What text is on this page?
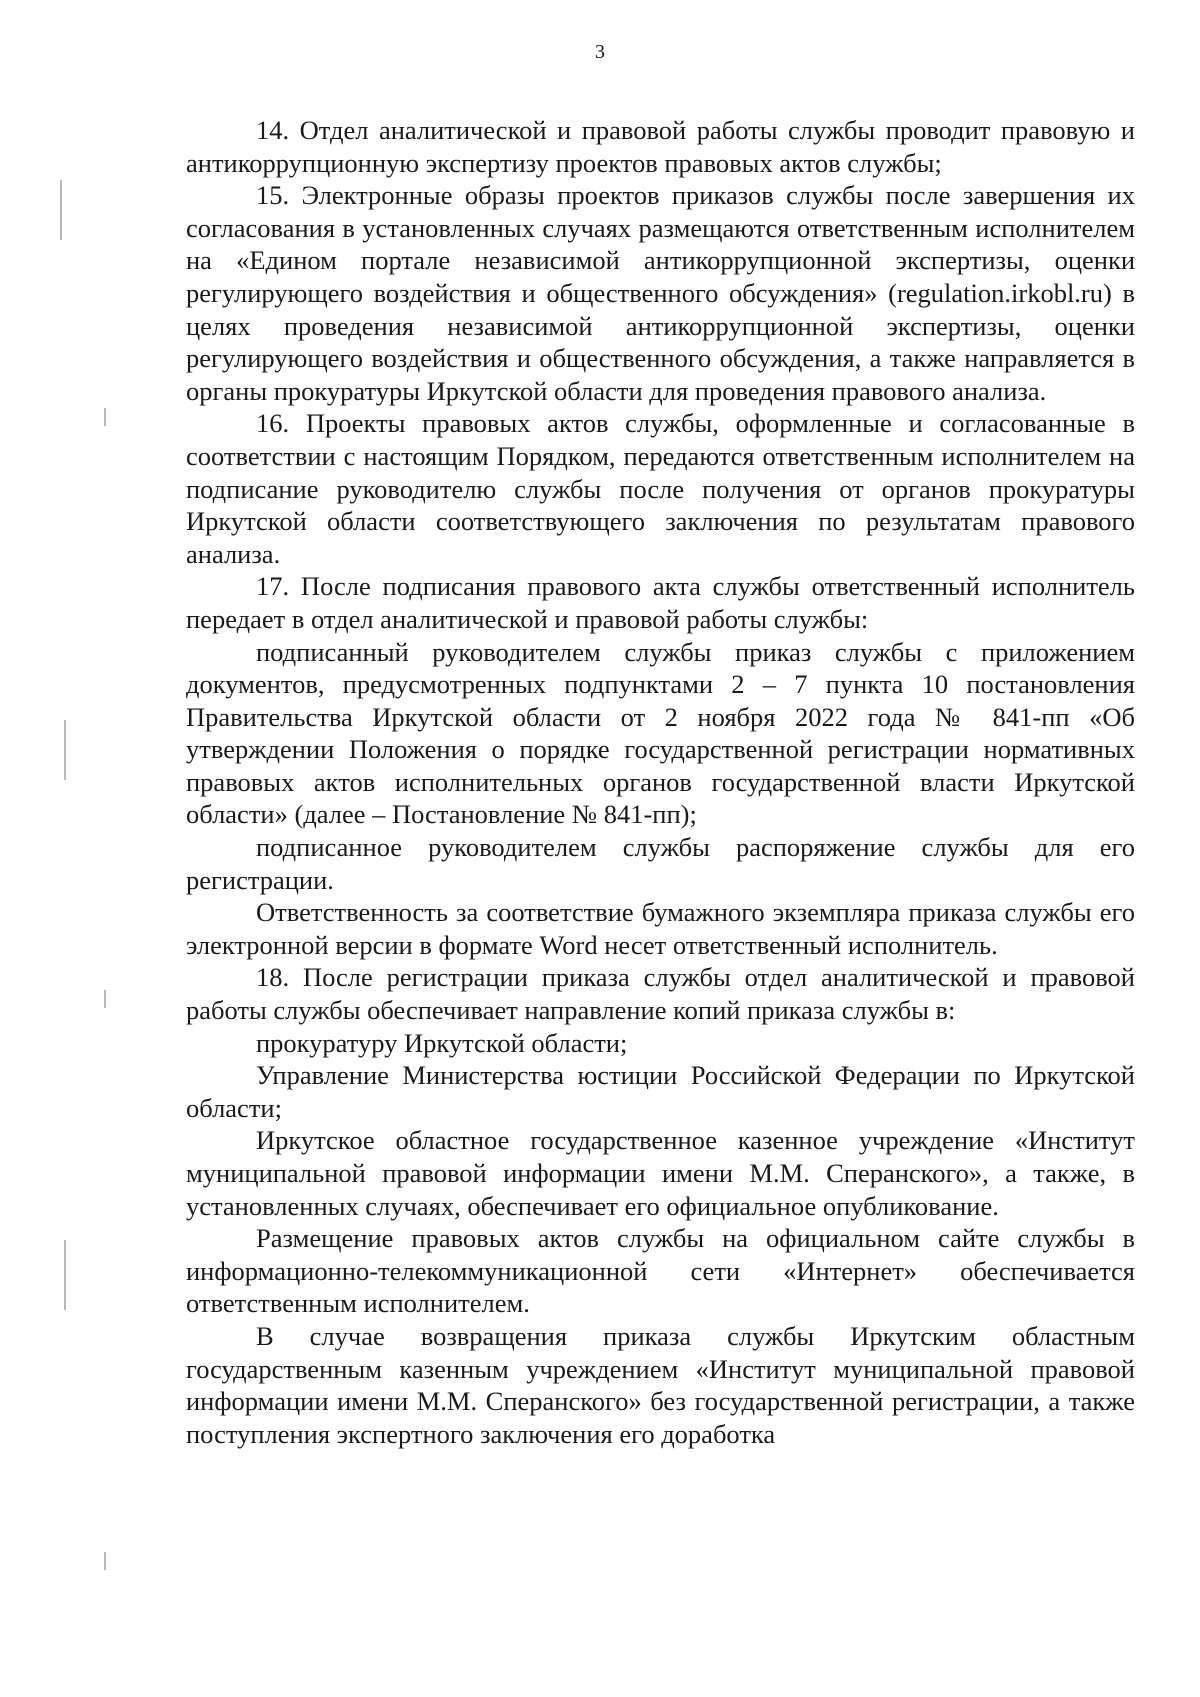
3

14. Отдел аналитической и правовой работы службы проводит правовую и антикоррупционную экспертизу проектов правовых актов службы;

15. Электронные образы проектов приказов службы после завершения их согласования в установленных случаях размещаются ответственным исполнителем на «Едином портале независимой антикоррупционной экспертизы, оценки регулирующего воздействия и общественного обсуждения» (regulation.irkobl.ru) в целях проведения независимой антикоррупционной экспертизы, оценки регулирующего воздействия и общественного обсуждения, а также направляется в органы прокуратуры Иркутской области для проведения правового анализа.

16. Проекты правовых актов службы, оформленные и согласованные в соответствии с настоящим Порядком, передаются ответственным исполнителем на подписание руководителю службы после получения от органов прокуратуры Иркутской области соответствующего заключения по результатам правового анализа.

17. После подписания правового акта службы ответственный исполнитель передает в отдел аналитической и правовой работы службы:

подписанный руководителем службы приказ службы с приложением документов, предусмотренных подпунктами 2 – 7 пункта 10 постановления Правительства Иркутской области от 2 ноября 2022 года № 841-пп «Об утверждении Положения о порядке государственной регистрации нормативных правовых актов исполнительных органов государственной власти Иркутской области» (далее – Постановление № 841-пп);

подписанное руководителем службы распоряжение службы для его регистрации.

Ответственность за соответствие бумажного экземпляра приказа службы его электронной версии в формате Word несет ответственный исполнитель.

18. После регистрации приказа службы отдел аналитической и правовой работы службы обеспечивает направление копий приказа службы в:

прокуратуру Иркутской области;

Управление Министерства юстиции Российской Федерации по Иркутской области;

Иркутское областное государственное казенное учреждение «Институт муниципальной правовой информации имени М.М. Сперанского», а также, в установленных случаях, обеспечивает его официальное опубликование.

Размещение правовых актов службы на официальном сайте службы в информационно-телекоммуникационной сети «Интернет» обеспечивается ответственным исполнителем.

В случае возвращения приказа службы Иркутским областным государственным казенным учреждением «Институт муниципальной правовой информации имени М.М. Сперанского» без государственной регистрации, а также поступления экспертного заключения его доработка
